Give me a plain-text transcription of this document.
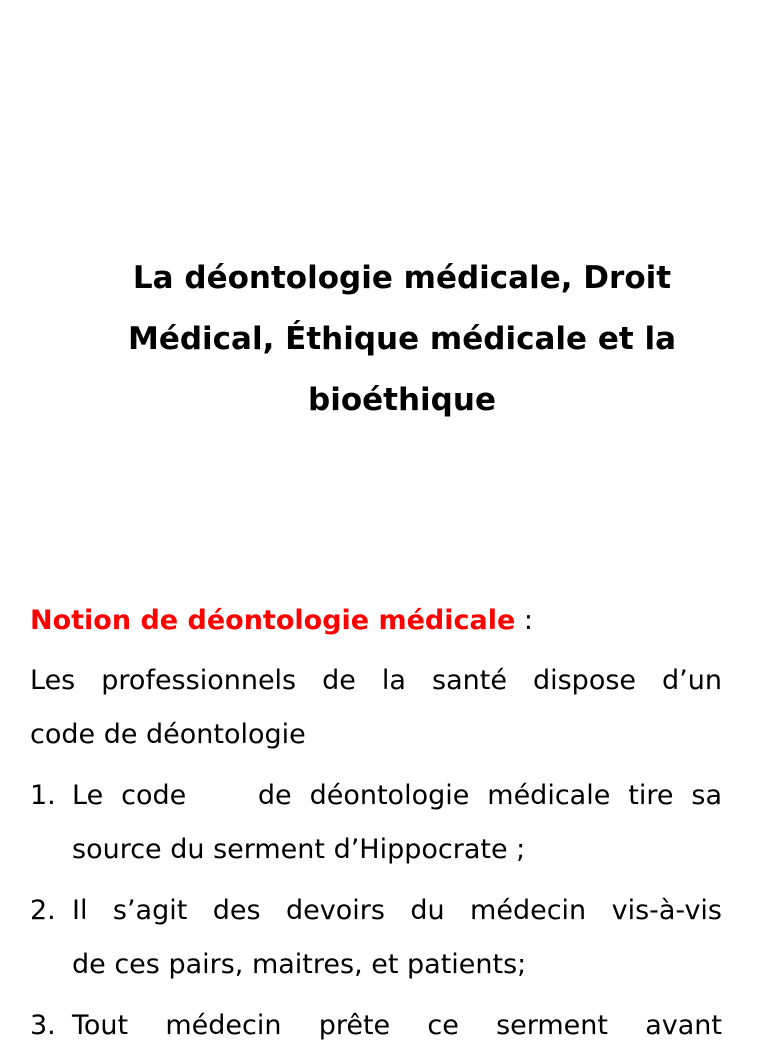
La déontologie médicale, Droit
Médical, Éthique médicale et la
bioéthique
Notion de déontologie médicale :

Les professionnels de la santé dispose d’un
code de déontologie

1. Le code    de déontologie médicale tire sa
source du serment d’Hippocrate ;
2. Il s’agit des devoirs du médecin vis-à-vis
de ces pairs, maitres, et patients;
3. Tout médecin prête ce serment avant
